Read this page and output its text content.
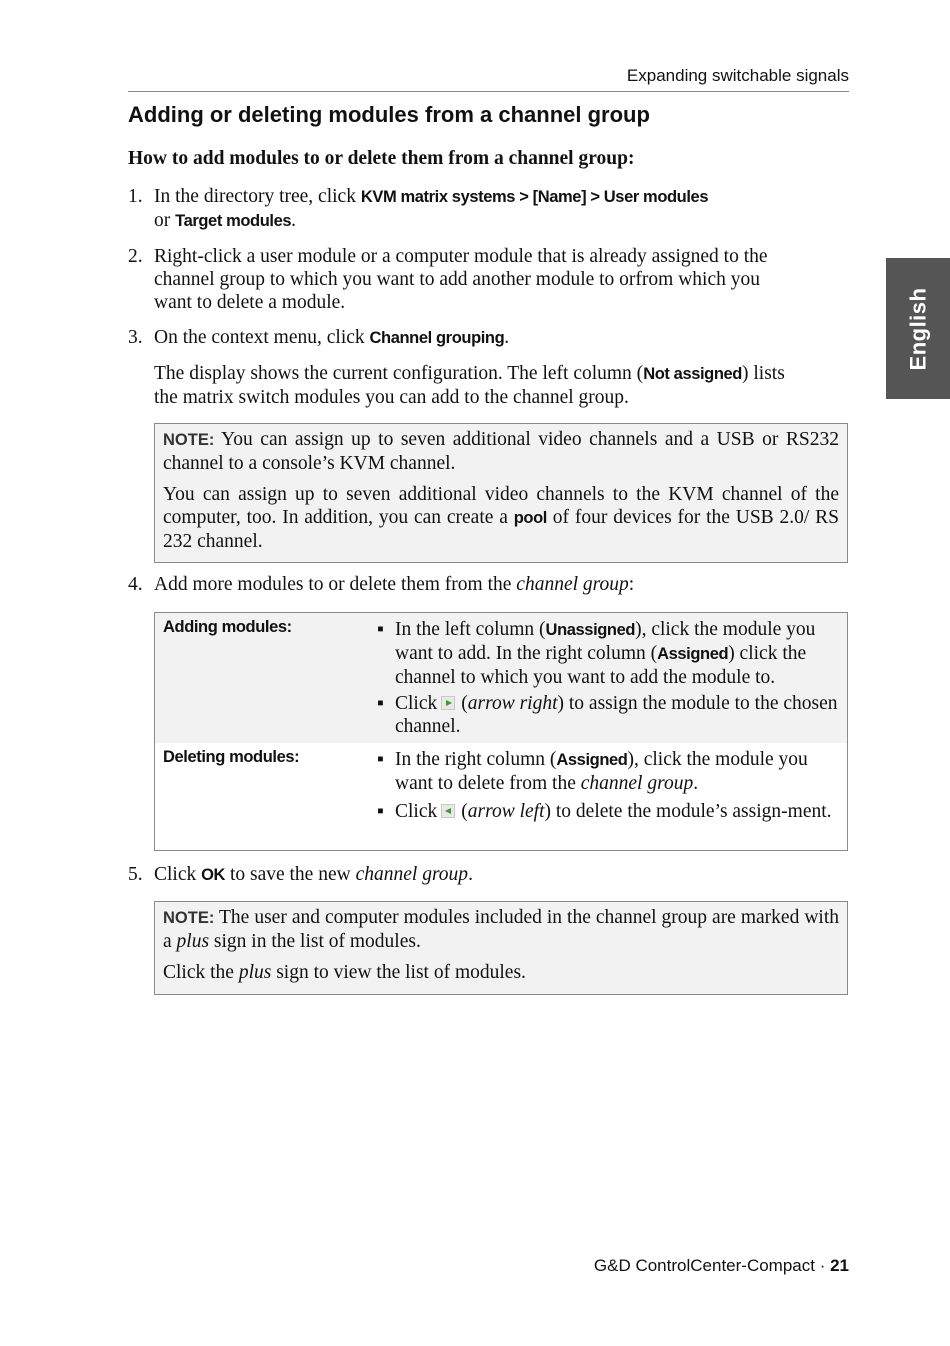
Expanding switchable signals
English
Adding or deleting modules from a channel group
How to add modules to or delete them from a channel group:
1. In the directory tree, click KVM matrix systems > [Name] > User modules
or Target modules.

2. Right-click a user module or a computer module that is already assigned to the
channel group to which you want to add another module to orfrom which you
want to delete a module.

3. On the context menu, click Channel grouping.

The display shows the current configuration. The left column (Not assigned) lists
the matrix switch modules you can add to the channel group.

NOTE: You can assign up to seven additional video channels and a USB or RS232 channel to a console’s KVM channel.

You can assign up to seven additional video channels to the KVM channel of the computer, too. In addition, you can create a pool of four devices for the USB 2.0/ RS 232 channel.

4. Add more modules to or delete them from the channel group:

Adding modules:	▪ In the left column (Unassigned), click the module you want to add. In the right column (Assigned) click the channel to which you want to add the module to.

▪ Click (arrow right) to assign the module to the chosen channel.

Deleting modules:	▪ In the right column (Assigned), click the module you want to delete from the channel group.

▪ Click (arrow left) to delete the module’s assign-ment.

5. Click OK to save the new channel group.

NOTE: The user and computer modules included in the channel group are marked with a plus sign in the list of modules.

Click the plus sign to view the list of modules.

G&D ControlCenter-Compact · 21
